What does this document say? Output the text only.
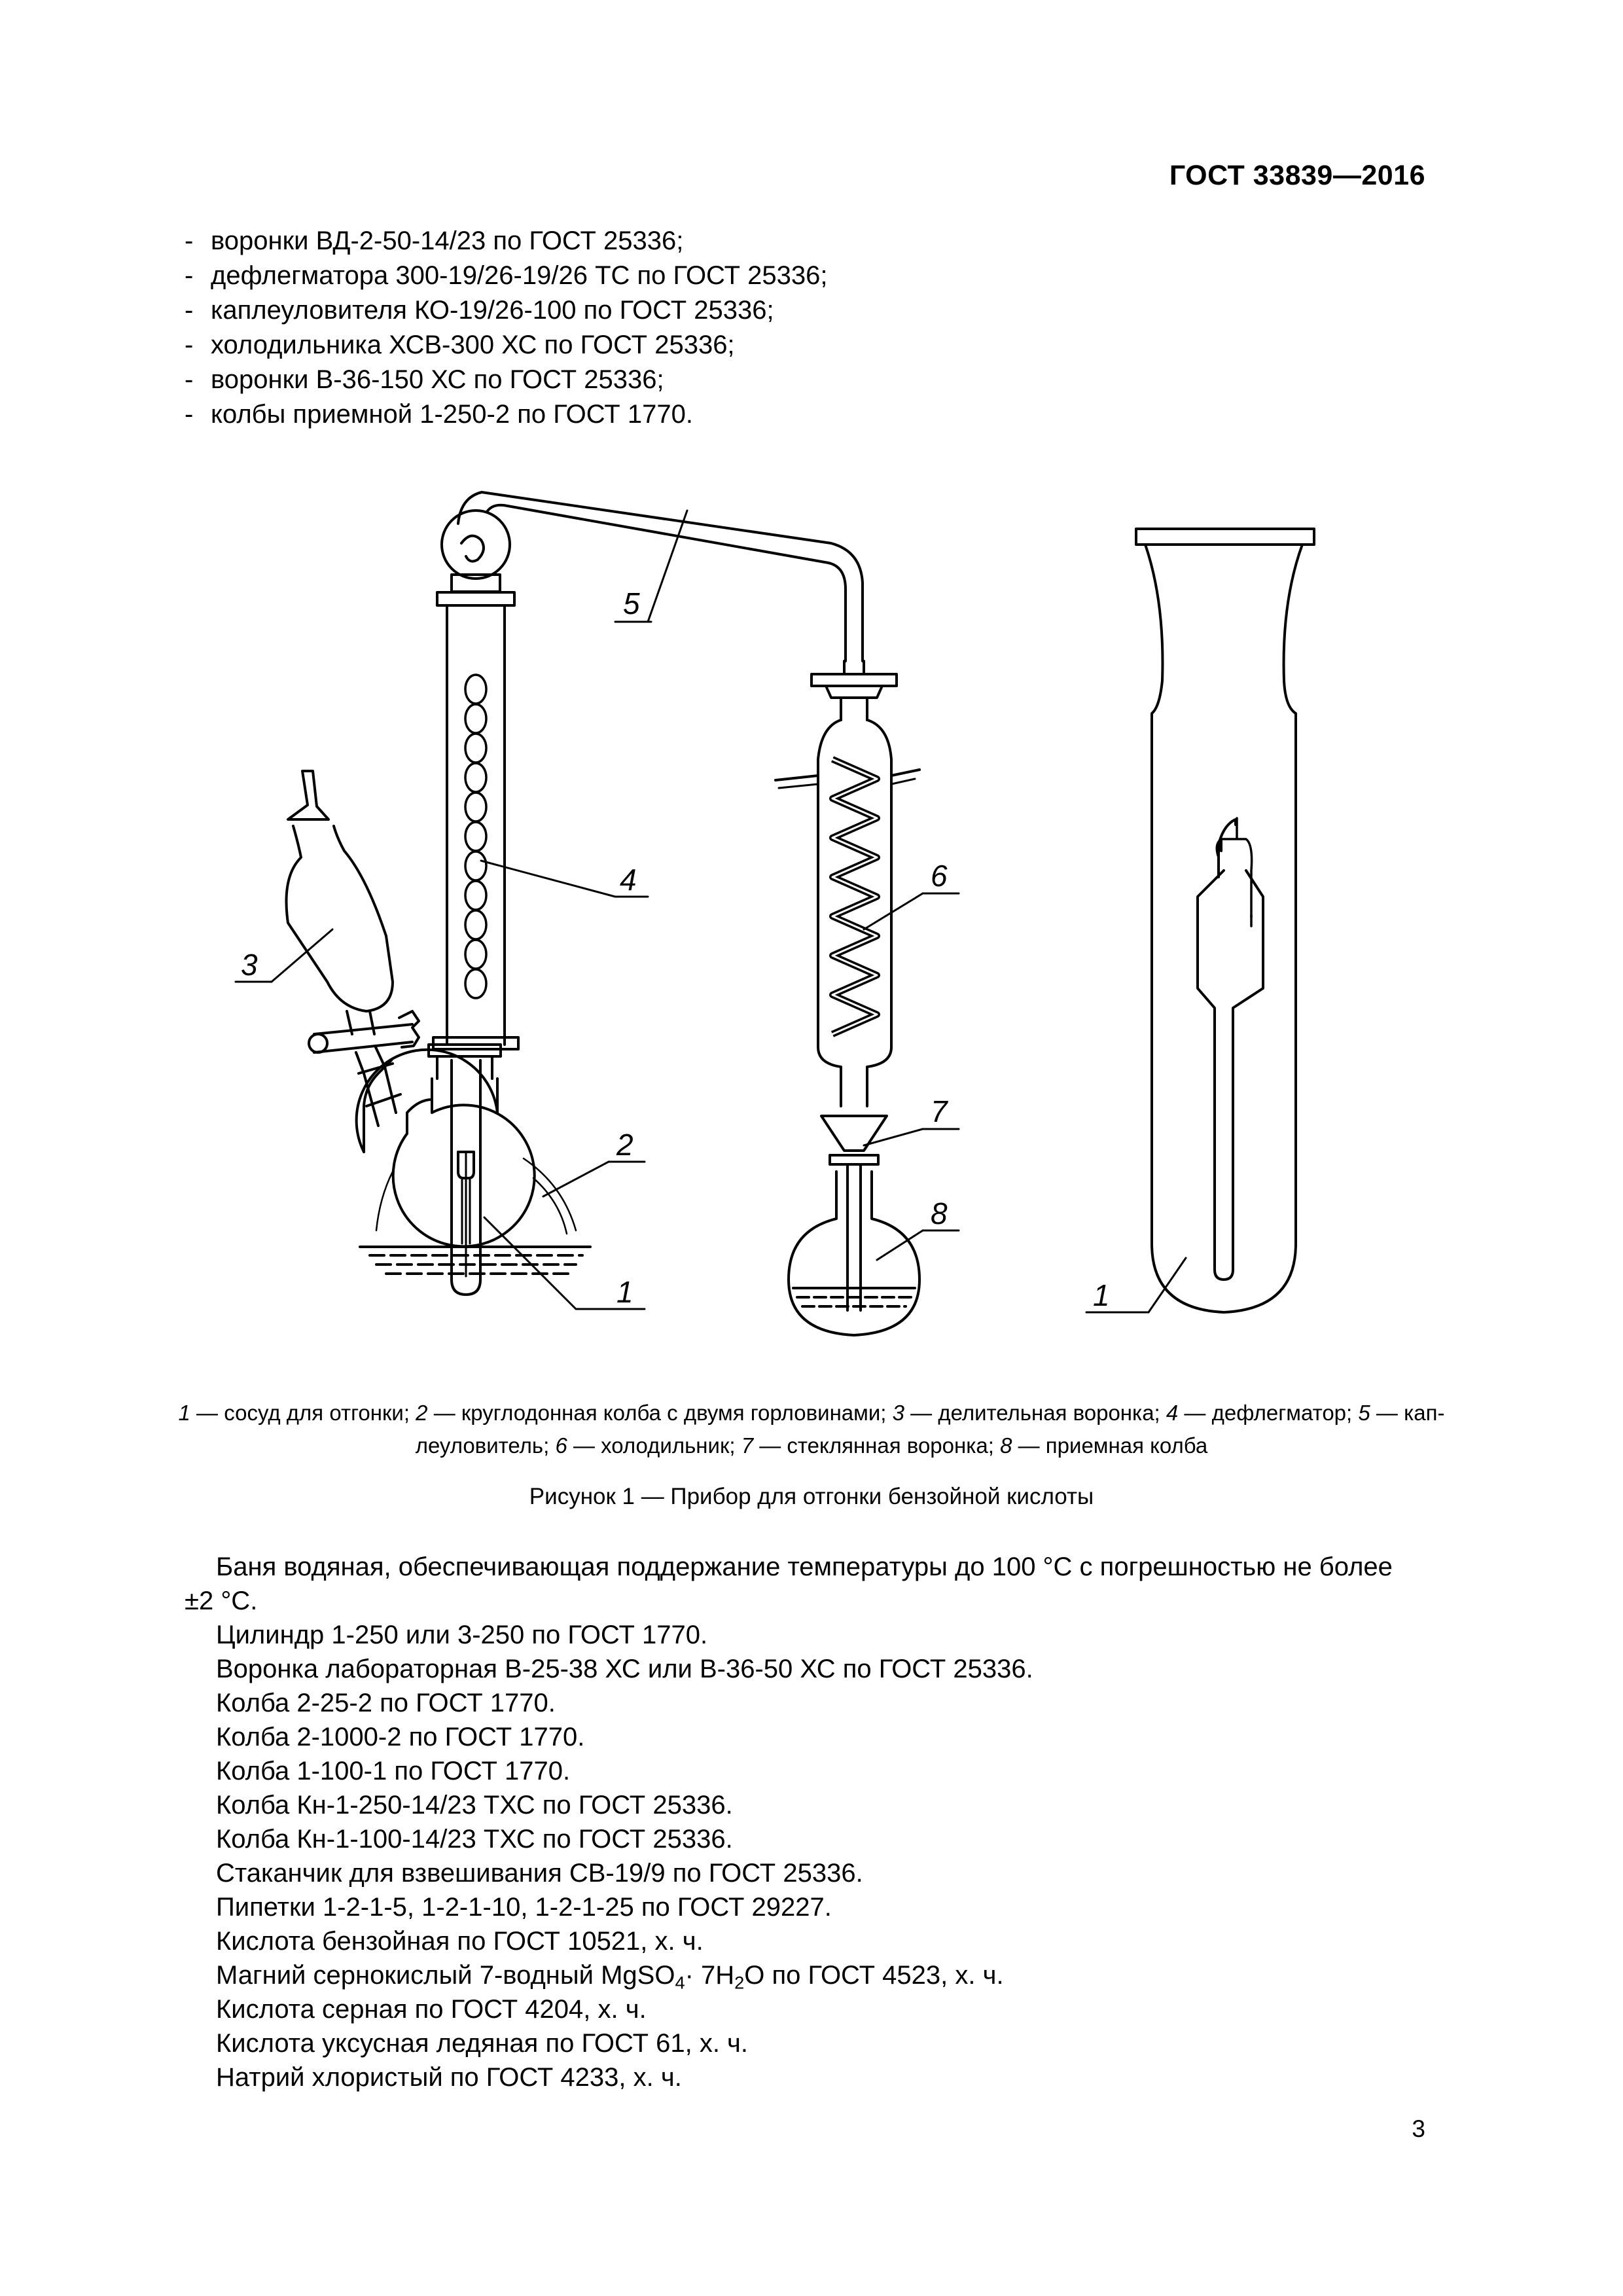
ГОСТ 33839—2016
- воронки ВД-2-50-14/23 по ГОСТ 25336;
- дефлегматора 300-19/26-19/26 ТС по ГОСТ 25336;
- каплеуловителя КО-19/26-100 по ГОСТ 25336;
- холодильника ХСВ-300 ХС по ГОСТ 25336;
- воронки В-36-150 ХС по ГОСТ 25336;
- колбы приемной 1-250-2 по ГОСТ 1770.
5
4	6
3
2
1
7
8
1
1 — сосуд для отгонки; 2 — круглодонная колба с двумя горловинами; 3 — делительная воронка; 4 — дефлегматор; 5 — кап-
леуловитель; 6 — холодильник; 7 — стеклянная воронка; 8 — приемная колба
Рисунок 1 — Прибор для отгонки бензойной кислоты
Баня водяная, обеспечивающая поддержание температуры до 100 °С с погрешностью не более
±2 °С.
Цилиндр 1-250 или 3-250 по ГОСТ 1770.
Воронка лабораторная В-25-38 ХС или В-36-50 ХС по ГОСТ 25336.
Колба 2-25-2 по ГОСТ 1770.
Колба 2-1000-2 по ГОСТ 1770.
Колба 1-100-1 по ГОСТ 1770.
Колба Кн-1-250-14/23 ТХС по ГОСТ 25336.
Колба Кн-1-100-14/23 ТХС по ГОСТ 25336.
Стаканчик для взвешивания СВ-19/9 по ГОСТ 25336.
Пипетки 1-2-1-5, 1-2-1-10, 1-2-1-25 по ГОСТ 29227.
Кислота бензойная по ГОСТ 10521, х. ч.
Магний сернокислый 7-водный MgSO$_4$· $7H_2O$ по ГОСТ 4523, х. ч.
Кислота серная по ГОСТ 4204, х. ч.
Кислота уксусная ледяная по ГОСТ 61, х. ч.
Натрий хлористый по ГОСТ 4233, х. ч.
3
